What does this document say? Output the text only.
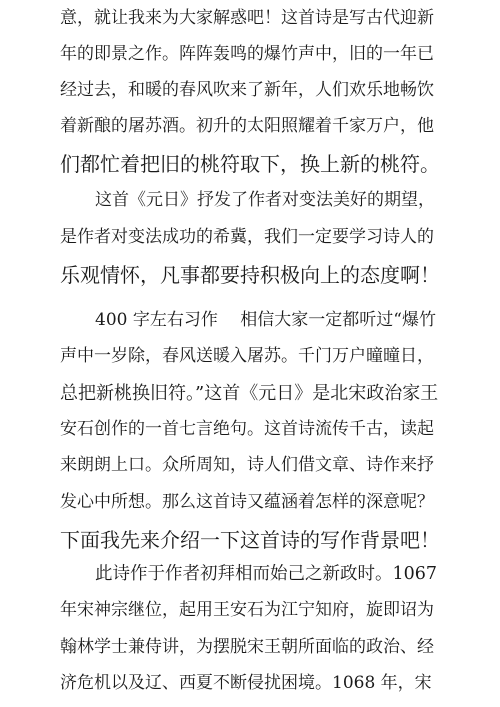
意，就让我来为大家解惑吧！这首诗是写古代迎新
年的即景之作。阵阵轰鸣的爆竹声中，旧的一年已
经过去，和暖的春风吹来了新年，人们欢乐地畅饮
着新酿的屠苏酒。初升的太阳照耀着千家万户，他
们都忙着把旧的桃符取下，换上新的桃符。
这首《元日》抒发了作者对变法美好的期望，
是作者对变法成功的希冀，我们一定要学习诗人的
乐观情怀，凡事都要持积极向上的态度啊！
400 字左右习作　 相信大家一定都听过“爆竹
声中一岁除，春风送暖入屠苏。千门万户曈曈日，
总把新桃换旧符。”这首《元日》是北宋政治家王
安石创作的一首七言绝句。这首诗流传千古，读起
来朗朗上口。众所周知，诗人们借文章、诗作来抒
发心中所想。那么这首诗又蕴涵着怎样的深意呢？
下面我先来介绍一下这首诗的写作背景吧！
此诗作于作者初拜相而始己之新政时。1067
年宋神宗继位，起用王安石为江宁知府，旋即诏为
翰林学士兼侍讲，为摆脱宋王朝所面临的政治、经
济危机以及辽、西夏不断侵扰困境。1068 年，宋
